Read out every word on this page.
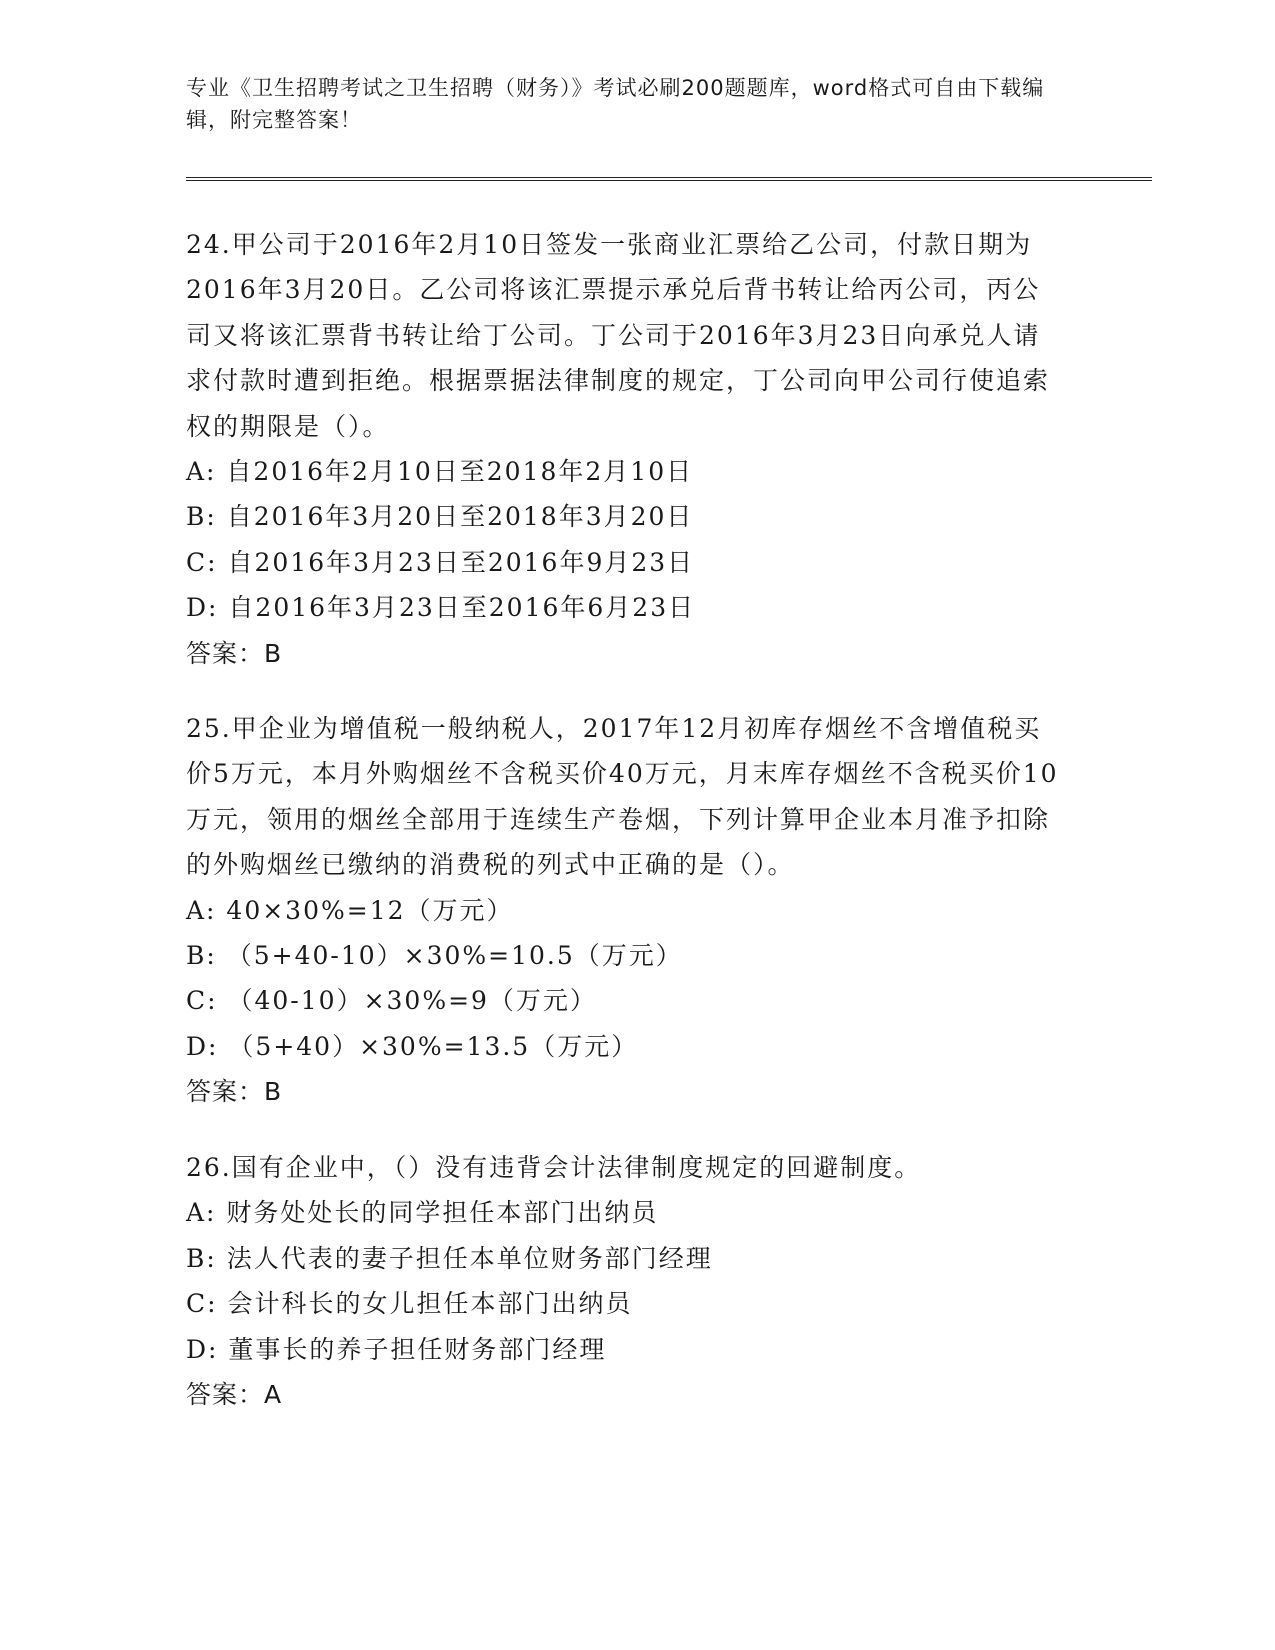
专业《卫生招聘考试之卫生招聘（财务）》考试必刷200题题库，word格式可自由下载编辑，附完整答案！
24.甲公司于2016年2月10日签发一张商业汇票给乙公司，付款日期为2016年3月20日。乙公司将该汇票提示承兑后背书转让给丙公司，丙公司又将该汇票背书转让给丁公司。丁公司于2016年3月23日向承兑人请求付款时遭到拒绝。根据票据法律制度的规定，丁公司向甲公司行使追索权的期限是（）。
A: 自2016年2月10日至2018年2月10日
B: 自2016年3月20日至2018年3月20日
C: 自2016年3月23日至2016年9月23日
D: 自2016年3月23日至2016年6月23日
答案：B
25.甲企业为增值税一般纳税人，2017年12月初库存烟丝不含增值税买价5万元，本月外购烟丝不含税买价40万元，月末库存烟丝不含税买价10万元，领用的烟丝全部用于连续生产卷烟，下列计算甲企业本月准予扣除的外购烟丝已缴纳的消费税的列式中正确的是（）。
A: 40×30%=12（万元）
B: （5+40-10）×30%=10.5（万元）
C: （40-10）×30%=9（万元）
D: （5+40）×30%=13.5（万元）
答案：B
26.国有企业中，（）没有违背会计法律制度规定的回避制度。
A: 财务处处长的同学担任本部门出纳员
B: 法人代表的妻子担任本单位财务部门经理
C: 会计科长的女儿担任本部门出纳员
D: 董事长的养子担任财务部门经理
答案：A
